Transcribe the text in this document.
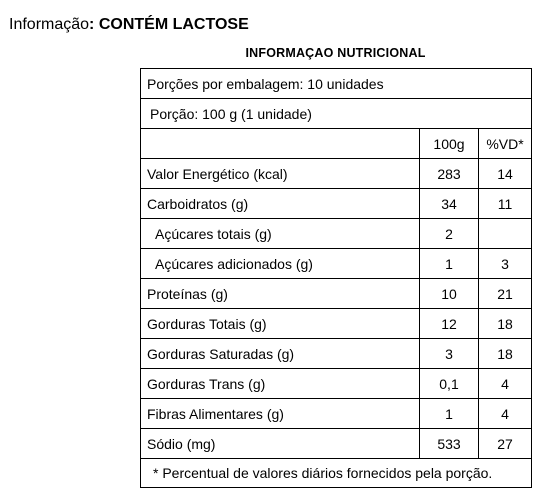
Informação: CONTÉM LACTOSE
INFORMAÇAO NUTRICIONAL
Porções por embalagem: 10 unidades		
Porção: 100 g (1 unidade)		
	100g	%VD*
Valor Energético (kcal)	283	14
Carboidratos (g)	34	11
Açúcares totais (g)	2	
Açúcares adicionados (g)	1	3
Proteínas (g)	10	21
Gorduras Totais (g)	12	18
Gorduras Saturadas (g)	3	18
Gorduras Trans (g)	0,1	4
Fibras Alimentares (g)	1	4
Sódio (mg)	533	27
* Percentual de valores diários fornecidos pela porção.		
